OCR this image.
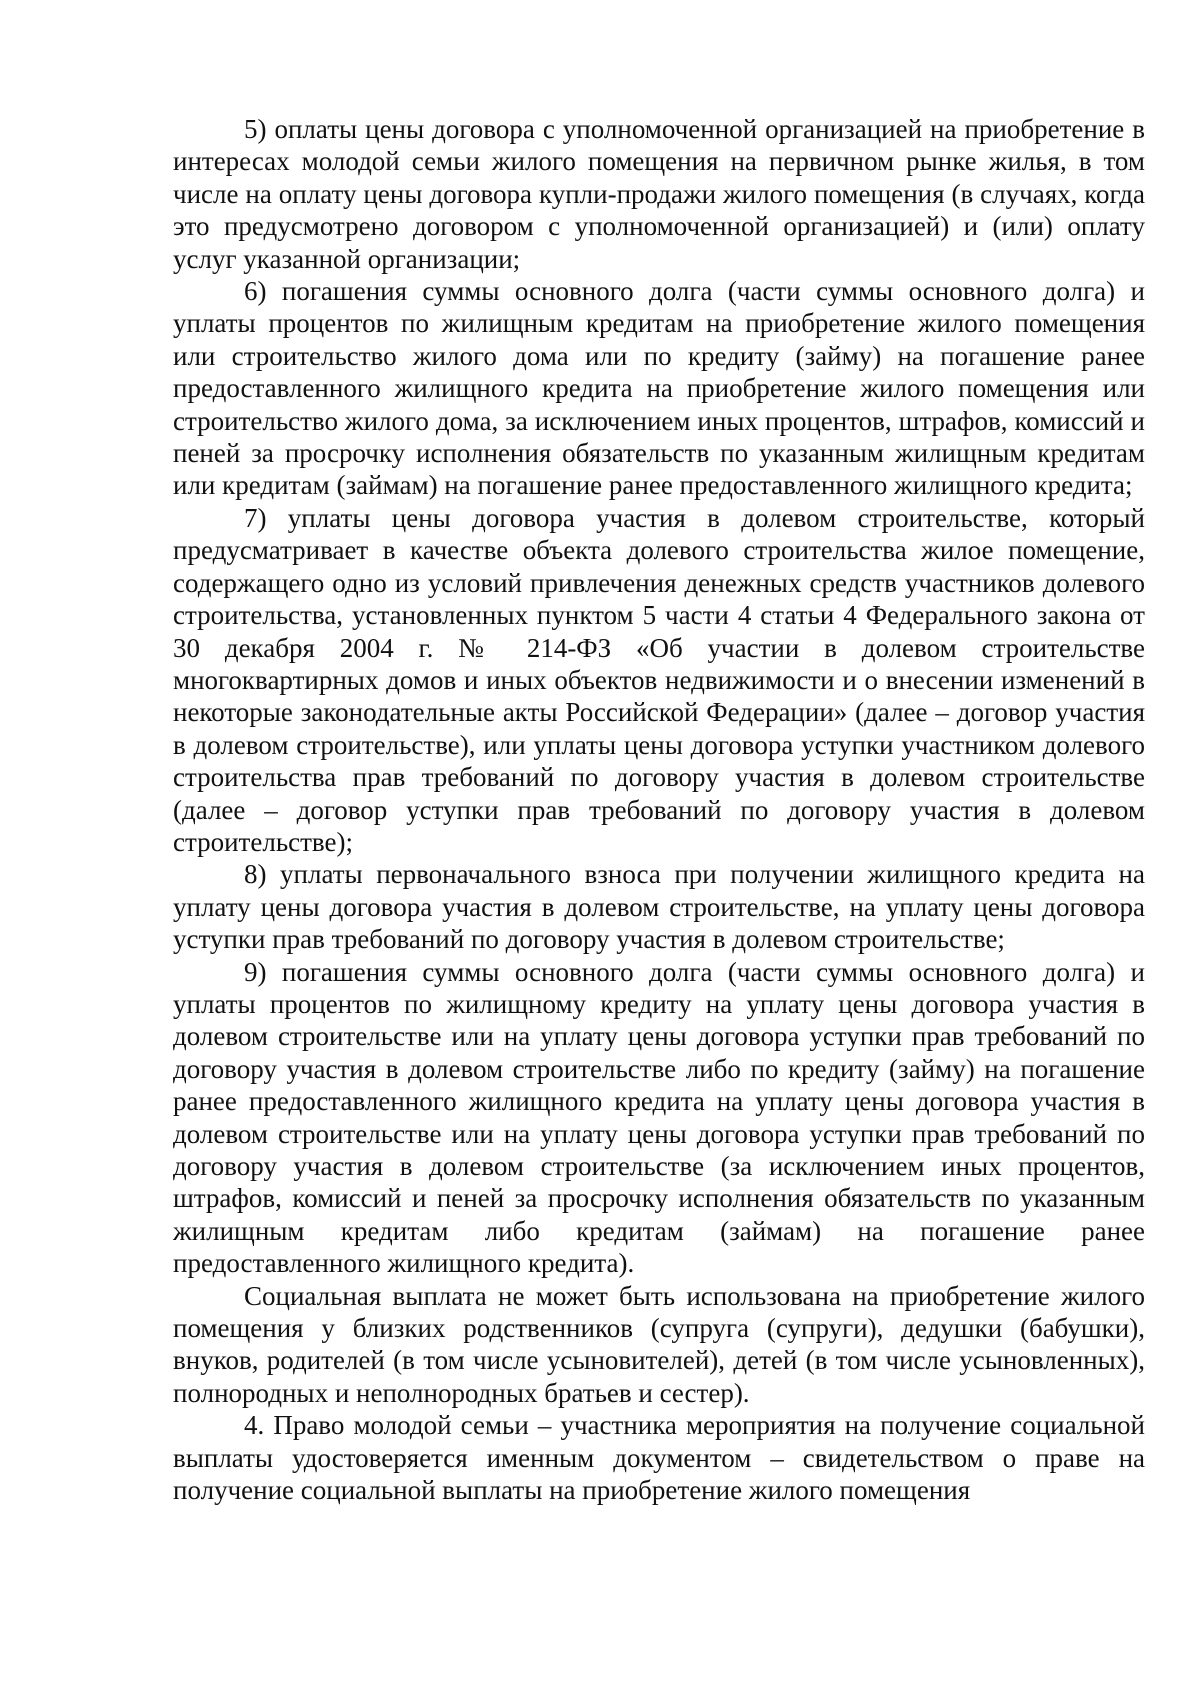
5) оплаты цены договора с уполномоченной организацией на приобретение в интересах молодой семьи жилого помещения на первичном рынке жилья, в том числе на оплату цены договора купли-продажи жилого помещения (в случаях, когда это предусмотрено договором с уполномоченной организацией) и (или) оплату услуг указанной организации;

6) погашения суммы основного долга (части суммы основного долга) и уплаты процентов по жилищным кредитам на приобретение жилого помещения или строительство жилого дома или по кредиту (займу) на погашение ранее предоставленного жилищного кредита на приобретение жилого помещения или строительство жилого дома, за исключением иных процентов, штрафов, комиссий и пеней за просрочку исполнения обязательств по указанным жилищным кредитам или кредитам (займам) на погашение ранее предоставленного жилищного кредита;

7) уплаты цены договора участия в долевом строительстве, который предусматривает в качестве объекта долевого строительства жилое помещение, содержащего одно из условий привлечения денежных средств участников долевого строительства, установленных пунктом 5 части 4 статьи 4 Федерального закона от 30 декабря 2004 г. № 214-ФЗ «Об участии в долевом строительстве многоквартирных домов и иных объектов недвижимости и о внесении изменений в некоторые законодательные акты Российской Федерации» (далее – договор участия в долевом строительстве), или уплаты цены договора уступки участником долевого строительства прав требований по договору участия в долевом строительстве (далее – договор уступки прав требований по договору участия в долевом строительстве);

8) уплаты первоначального взноса при получении жилищного кредита на уплату цены договора участия в долевом строительстве, на уплату цены договора уступки прав требований по договору участия в долевом строительстве;

9) погашения суммы основного долга (части суммы основного долга) и уплаты процентов по жилищному кредиту на уплату цены договора участия в долевом строительстве или на уплату цены договора уступки прав требований по договору участия в долевом строительстве либо по кредиту (займу) на погашение ранее предоставленного жилищного кредита на уплату цены договора участия в долевом строительстве или на уплату цены договора уступки прав требований по договору участия в долевом строительстве (за исключением иных процентов, штрафов, комиссий и пеней за просрочку исполнения обязательств по указанным жилищным кредитам либо кредитам (займам) на погашение ранее предоставленного жилищного кредита).

Социальная выплата не может быть использована на приобретение жилого помещения у близких родственников (супруга (супруги), дедушки (бабушки), внуков, родителей (в том числе усыновителей), детей (в том числе усыновленных), полнородных и неполнородных братьев и сестер).

4. Право молодой семьи – участника мероприятия на получение социальной выплаты удостоверяется именным документом – свидетельством о праве на получение социальной выплаты на приобретение жилого помещения
